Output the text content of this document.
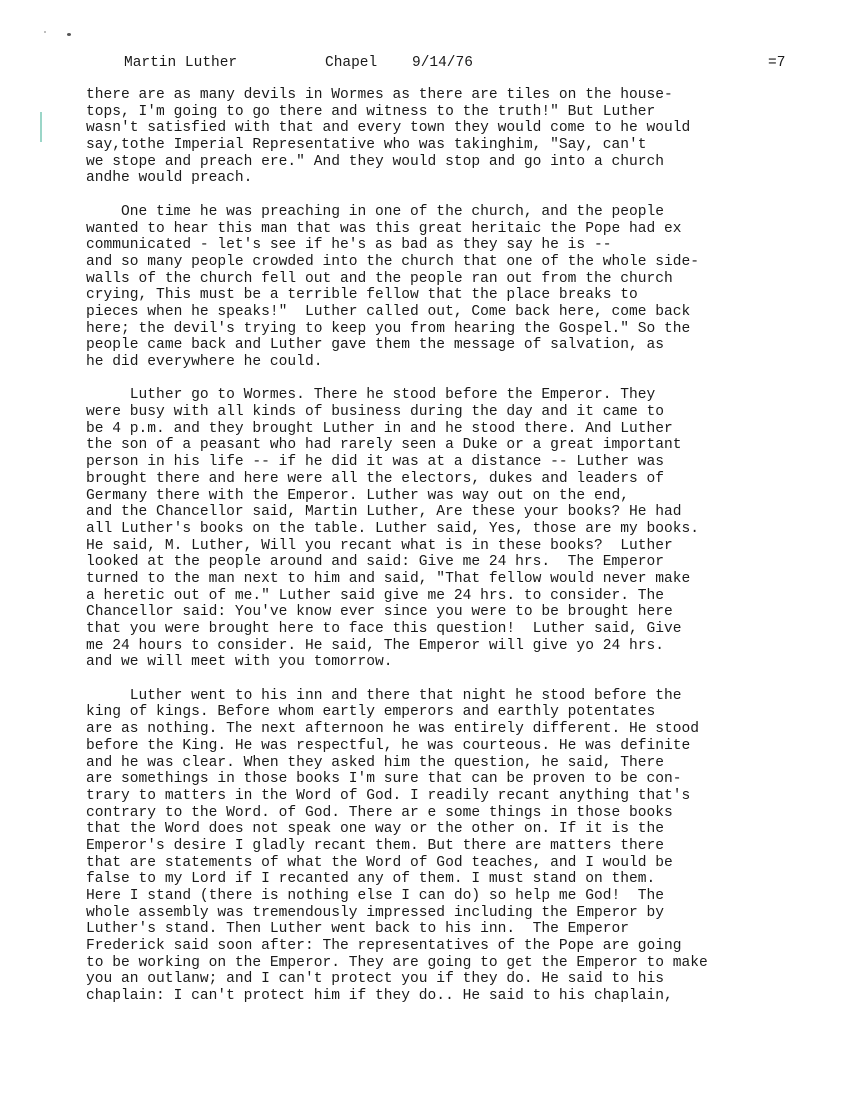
Martin Luther	Chapel 9/14/76	=7
there are as many devils in Wormes as there are tiles on the house-
tops, I'm going to go there and witness to the truth!" But Luther
wasn't satisfied with that and every town they would come to he would
say,tothe Imperial Representative who was takinghim, "Say, can't
we stope and preach ere." And they would stop and go into a church
andhe would preach.
One time he was preaching in one of the church, and the people
wanted to hear this man that was this great heritaic the Pope had ex
communicated - let's see if he's as bad as they say he is --
and so many people crowded into the church that one of the whole side-
walls of the church fell out and the people ran out from the church
crying, This must be a terrible fellow that the place breaks to
pieces when he speaks!"  Luther called out, Come back here, come back
here; the devil's trying to keep you from hearing the Gospel." So the
people came back and Luther gave them the message of salvation, as
he did everywhere he could.
Luther go to Wormes. There he stood before the Emperor. They
were busy with all kinds of business during the day and it came to
be 4 p.m. and they brought Luther in and he stood there. And Luther
the son of a peasant who had rarely seen a Duke or a great important
person in his life -- if he did it was at a distance -- Luther was
brought there and here were all the electors, dukes and leaders of
Germany there with the Emperor. Luther was way out on the end,
and the Chancellor said, Martin Luther, Are these your books? He had
all Luther's books on the table. Luther said, Yes, those are my books.
He said, M. Luther, Will you recant what is in these books?  Luther
looked at the people around and said: Give me 24 hrs.  The Emperor
turned to the man next to him and said, "That fellow would never make
a heretic out of me." Luther said give me 24 hrs. to consider. The
Chancellor said: You've know ever since you were to be brought here
that you were brought here to face this question!  Luther said, Give
me 24 hours to consider. He said, The Emperor will give yo 24 hrs.
and we will meet with you tomorrow.
Luther went to his inn and there that night he stood before the
king of kings. Before whom eartly emperors and earthly potentates
are as nothing. The next afternoon he was entirely different. He stood
before the King. He was respectful, he was courteous. He was definite
and he was clear. When they asked him the question, he said, There
are somethings in those books I'm sure that can be proven to be con-
trary to matters in the Word of God. I readily recant anything that's
contrary to the Word. of God. There ar e some things in those books
that the Word does not speak one way or the other on. If it is the
Emperor's desire I gladly recant them. But there are matters there
that are statements of what the Word of God teaches, and I would be
false to my Lord if I recanted any of them. I must stand on them.
Here I stand (there is nothing else I can do) so help me God!  The
whole assembly was tremendously impressed including the Emperor by
Luther's stand. Then Luther went back to his inn.  The Emperor
Frederick said soon after: The representatives of the Pope are going
to be working on the Emperor. They are going to get the Emperor to make
you an outlanw; and I can't protect you if they do. He said to his
chaplain: I can't protect him if they do.. He said to his chaplain,
